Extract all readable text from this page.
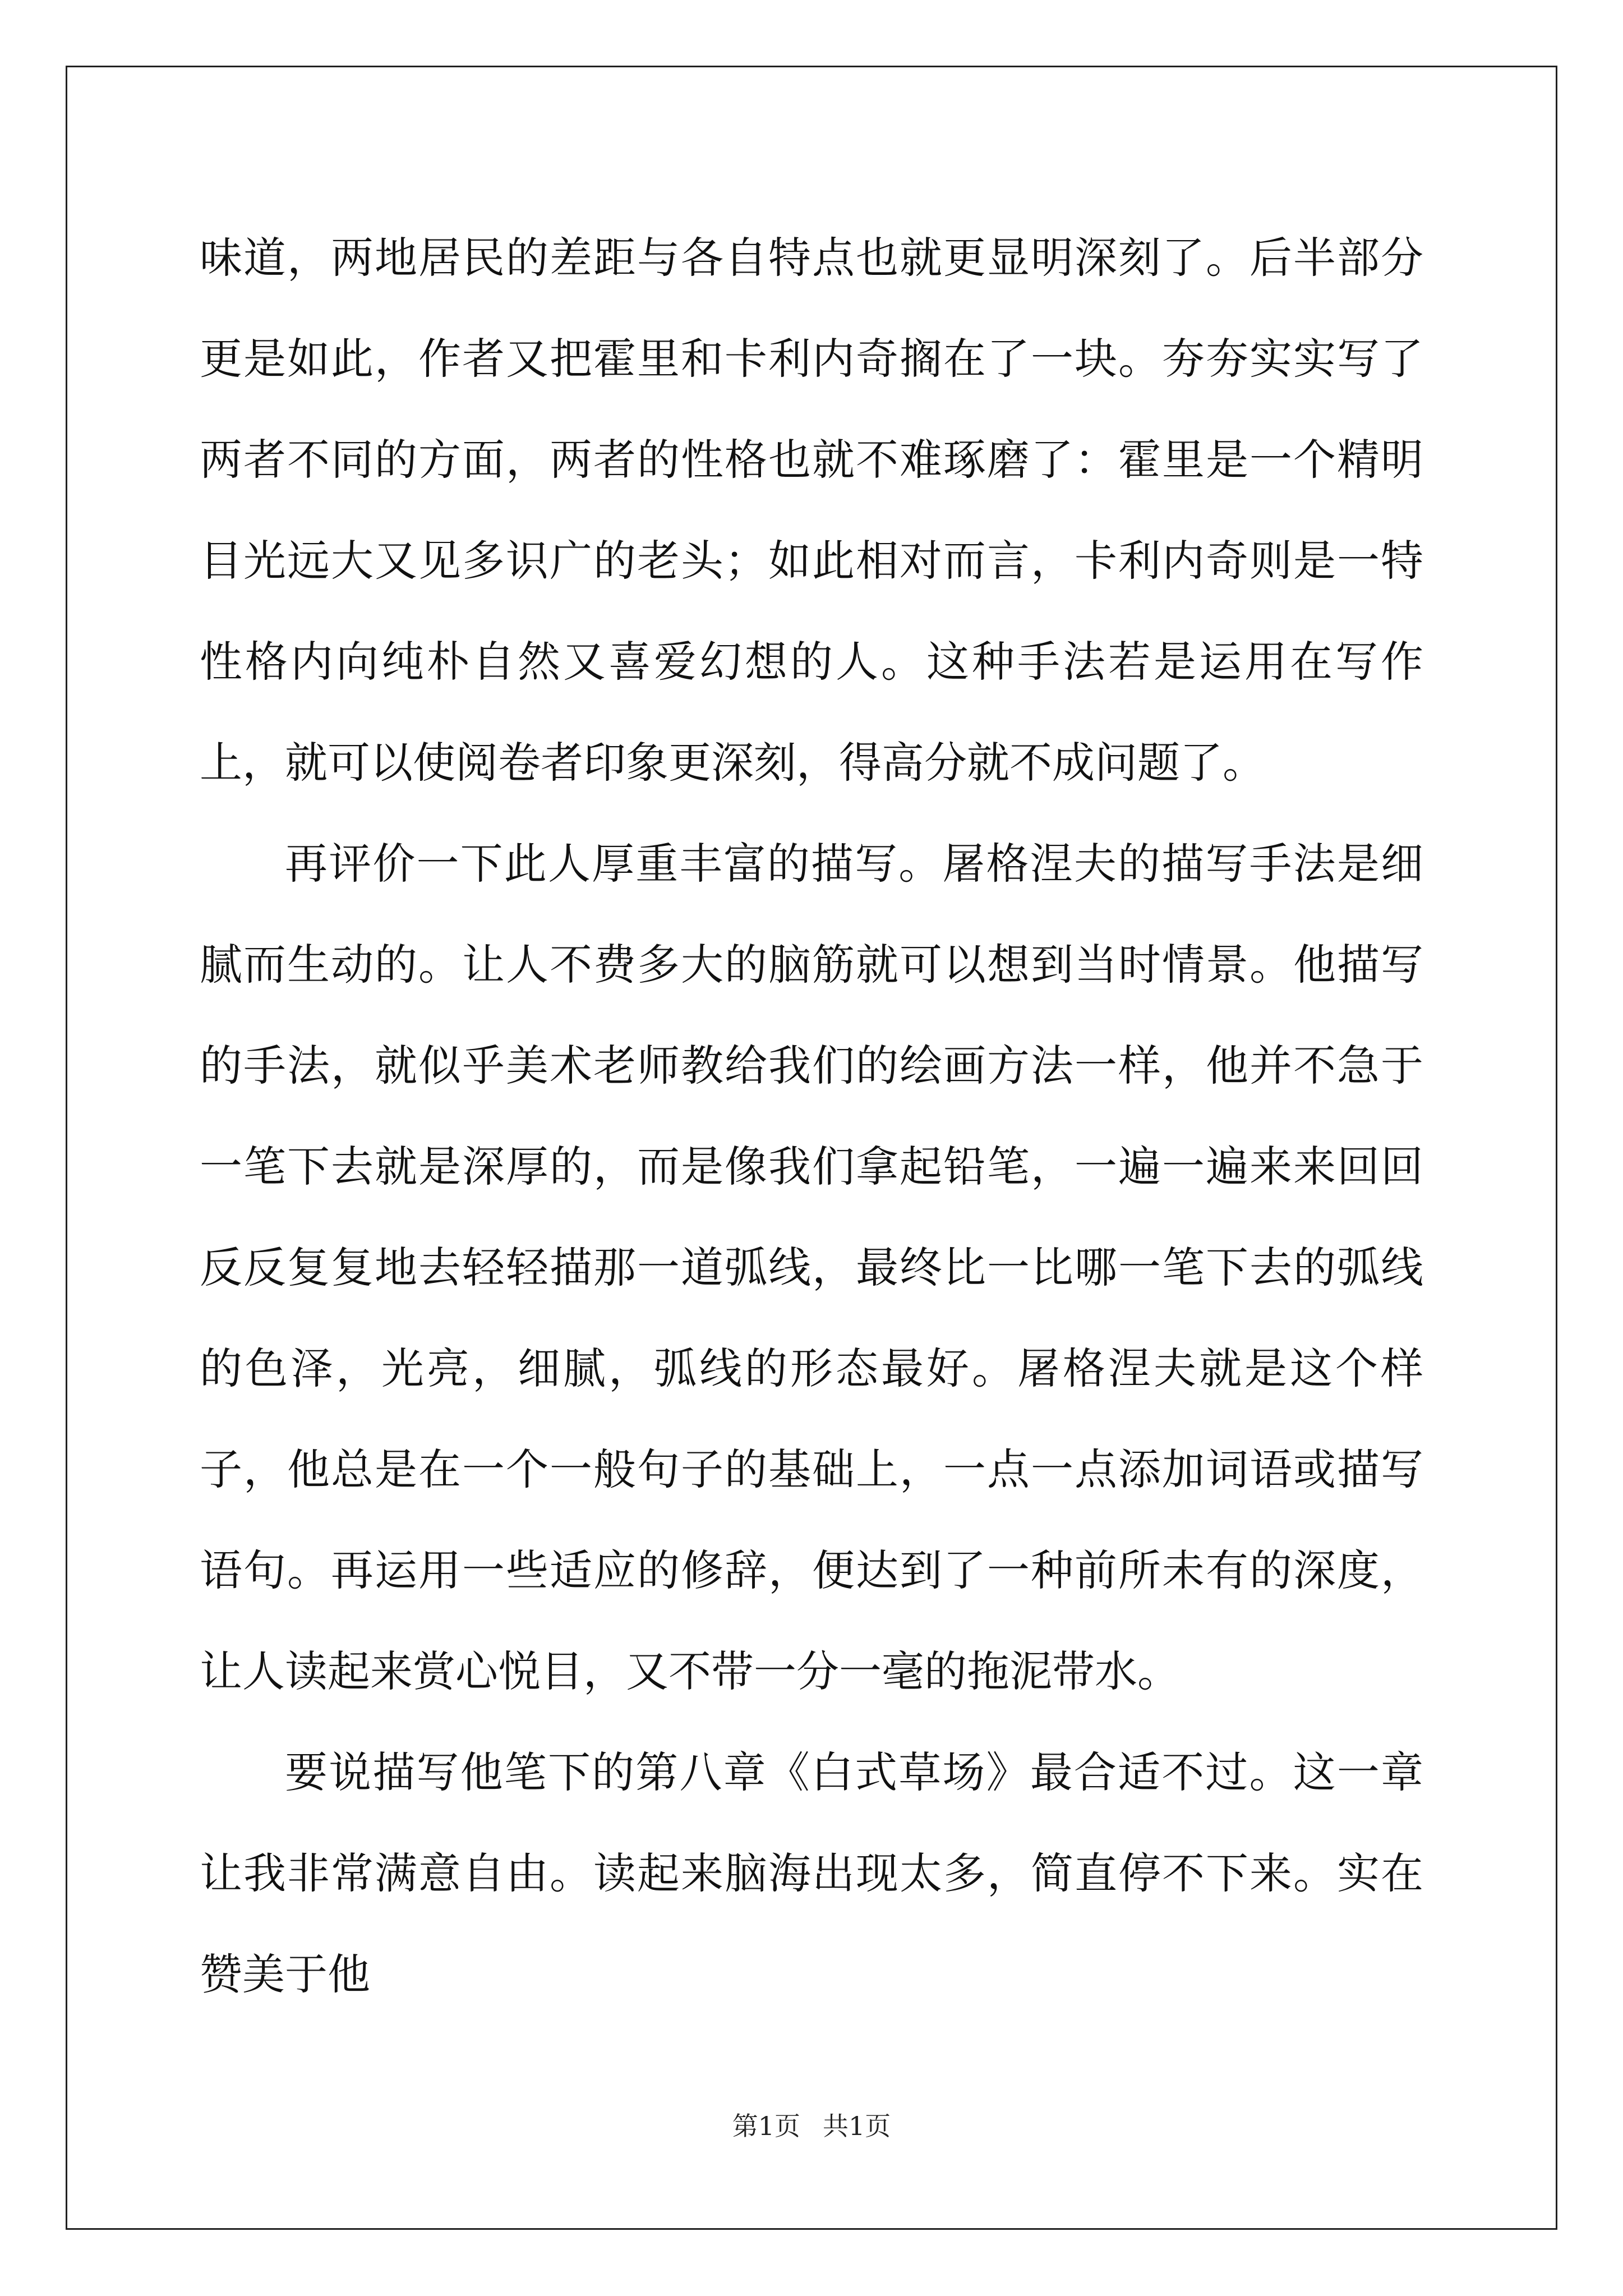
味道，两地居民的差距与各自特点也就更显明深刻了。后半部分更是如此，作者又把霍里和卡利内奇搁在了一块。夯夯实实写了两者不同的方面，两者的性格也就不难琢磨了：霍里是一个精明目光远大又见多识广的老头；如此相对而言，卡利内奇则是一特性格内向纯朴自然又喜爱幻想的人。这种手法若是运用在写作上，就可以使阅卷者印象更深刻，得高分就不成问题了。

再评价一下此人厚重丰富的描写。屠格涅夫的描写手法是细腻而生动的。让人不费多大的脑筋就可以想到当时情景。他描写的手法，就似乎美术老师教给我们的绘画方法一样，他并不急于一笔下去就是深厚的，而是像我们拿起铅笔，一遍一遍来来回回反反复复地去轻轻描那一道弧线，最终比一比哪一笔下去的弧线的色泽，光亮，细腻，弧线的形态最好。屠格涅夫就是这个样子，他总是在一个一般句子的基础上，一点一点添加词语或描写语句。再运用一些适应的修辞，便达到了一种前所未有的深度，让人读起来赏心悦目，又不带一分一毫的拖泥带水。

要说描写他笔下的第八章《白式草场》最合适不过。这一章让我非常满意自由。读起来脑海出现太多，简直停不下来。实在赞美于他

第1页 共1页
